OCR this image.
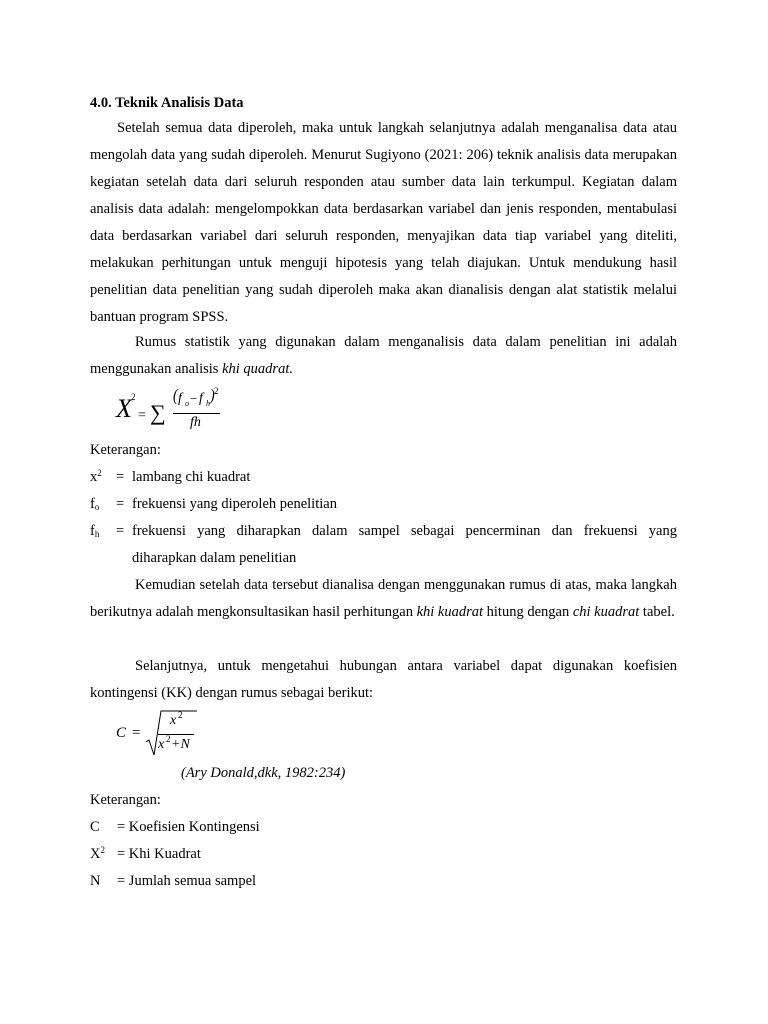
4.0. Teknik Analisis Data

Setelah semua data diperoleh, maka untuk langkah selanjutnya adalah menganalisa data atau mengolah data yang sudah diperoleh. Menurut Sugiyono (2021: 206) teknik analisis data merupakan kegiatan setelah data dari seluruh responden atau sumber data lain terkumpul. Kegiatan dalam analisis data adalah: mengelompokkan data berdasarkan variabel dan jenis responden, mentabulasi data berdasarkan variabel dari seluruh responden, menyajikan data tiap variabel yang diteliti, melakukan perhitungan untuk menguji hipotesis yang telah diajukan. Untuk mendukung hasil penelitian data penelitian yang sudah diperoleh maka akan dianalisis dengan alat statistik melalui bantuan program SPSS.

Rumus statistik yang digunakan dalam menganalisis data dalam penelitian ini adalah menggunakan analisis khi quadrat.

X 2
= ∑
( f o − f h ) 2
fh
Keterangan:
$x^2$ = lambang chi kuadrat
$f_o$ = frekuensi yang diperoleh penelitian
$f_h$ = frekuensi yang diharapkan dalam sampel sebagai pencerminan dan frekuensi yang diharapkan dalam penelitian

Kemudian setelah data tersebut dianalisa dengan menggunakan rumus di atas, maka langkah berikutnya adalah mengkonsultasikan hasil perhitungan khi kuadrat hitung dengan chi kuadrat tabel.

Selanjutnya, untuk mengetahui hubungan antara variabel dapat digunakan koefisien kontingensi (KK) dengan rumus sebagai berikut:

C =
x 2
x 2 +N
(Ary Donald,dkk, 1982:234)
Keterangan:
C = Koefisien Kontingensi
$X^2$ = Khi Kuadrat
N = Jumlah semua sampel
